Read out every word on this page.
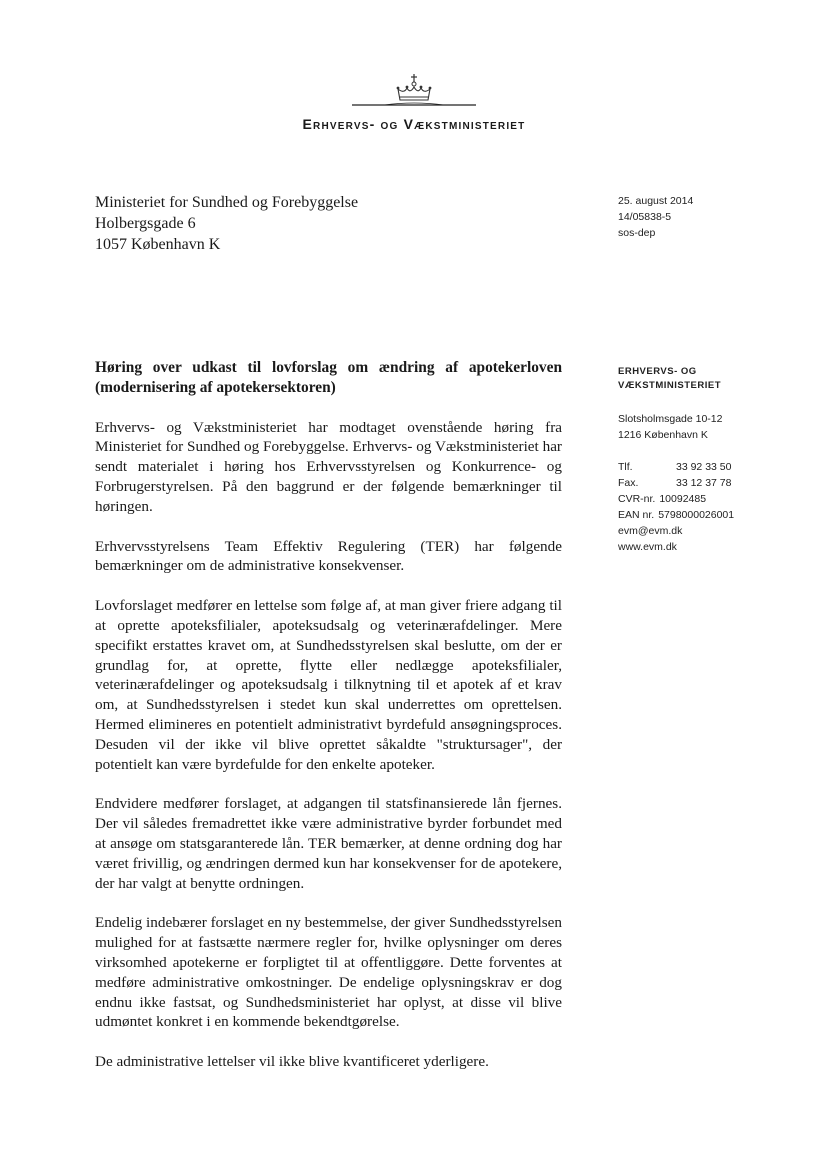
Erhvervs- og Vækstministeriet
Ministeriet for Sundhed og Forebyggelse
Holbergsgade 6
1057 København K
25. august 2014
14/05838-5
sos-dep
ERHVERVS- OG
VÆKSTMINISTERIET
Slotsholmsgade 10-12
1216 København K
Tlf.	33 92 33 50
Fax.	33 12 37 78
CVR-nr. 10092485
EAN nr. 5798000026001
evm@evm.dk
www.evm.dk
Høring over udkast til lovforslag om ændring af apotekerloven (modernisering af apotekersektoren)

Erhvervs- og Vækstministeriet har modtaget ovenstående høring fra Ministeriet for Sundhed og Forebyggelse. Erhvervs- og Vækstministeriet har sendt materialet i høring hos Erhvervsstyrelsen og Konkurrence- og Forbrugerstyrelsen. På den baggrund er der følgende bemærkninger til høringen.

Erhvervsstyrelsens Team Effektiv Regulering (TER) har følgende bemærkninger om de administrative konsekvenser.

Lovforslaget medfører en lettelse som følge af, at man giver friere adgang til at oprette apoteksfilialer, apoteksudsalg og veterinærafdelinger. Mere specifikt erstattes kravet om, at Sundhedsstyrelsen skal beslutte, om der er grundlag for, at oprette, flytte eller nedlægge apoteksfilialer, veterinærafdelinger og apoteksudsalg i tilknytning til et apotek af et krav om, at Sundhedsstyrelsen i stedet kun skal underrettes om oprettelsen. Hermed elimineres en potentielt administrativt byrdefuld ansøgningsproces. Desuden vil der ikke vil blive oprettet såkaldte "struktursager", der potentielt kan være byrdefulde for den enkelte apoteker.

Endvidere medfører forslaget, at adgangen til statsfinansierede lån fjernes. Der vil således fremadrettet ikke være administrative byrder forbundet med at ansøge om statsgaranterede lån. TER bemærker, at denne ordning dog har været frivillig, og ændringen dermed kun har konsekvenser for de apotekere, der har valgt at benytte ordningen.

Endelig indebærer forslaget en ny bestemmelse, der giver Sundhedsstyrelsen mulighed for at fastsætte nærmere regler for, hvilke oplysninger om deres virksomhed apotekerne er forpligtet til at offentliggøre. Dette forventes at medføre administrative omkostninger. De endelige oplysningskrav er dog endnu ikke fastsat, og Sundhedsministeriet har oplyst, at disse vil blive udmøntet konkret i en kommende bekendtgørelse.

De administrative lettelser vil ikke blive kvantificeret yderligere.
